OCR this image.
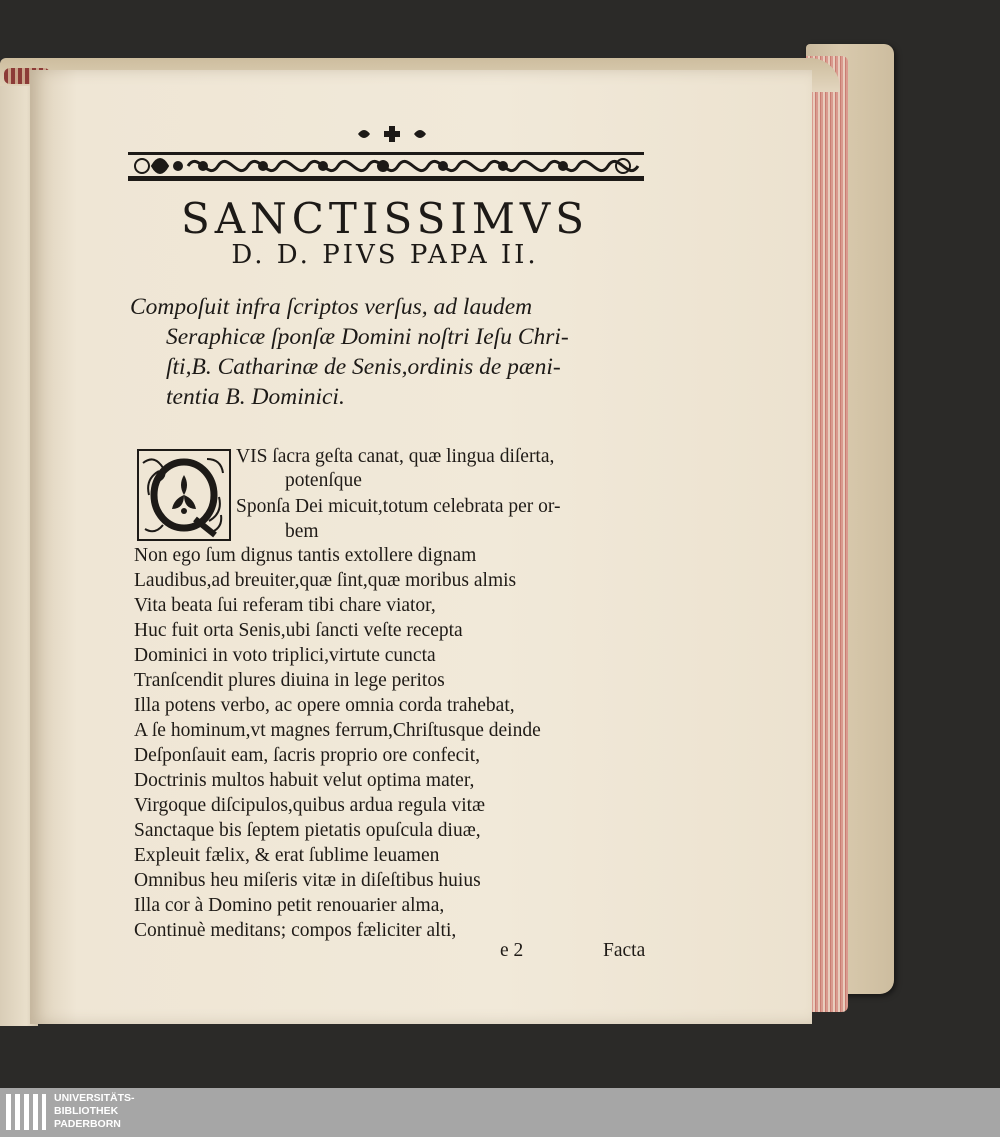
SANCTISSIMVS
D. D. PIVS PAPA II.
Compoſuit infra ſcriptos verſus, ad laudem
Seraphicæ ſponſæ Domini noſtri Ieſu Chri-
ſti,B. Catharinæ de Senis,ordinis de pæni-
tentia B. Dominici.
VIS ſacra geſta canat, quæ lingua diſerta,
potenſque
Sponſa Dei micuit,totum celebrata per or-
bem
Non ego ſum dignus tantis extollere dignam
Laudibus,ad breuiter,quæ ſint,quæ moribus almis
Vita beata ſui referam tibi chare viator,
Huc fuit orta Senis,ubi ſancti veſte recepta
Dominici in voto triplici,virtute cuncta
Tranſcendit plures diuina in lege peritos
Illa potens verbo, ac opere omnia corda trahebat,
A ſe hominum,vt magnes ferrum,Chriſtusque deinde
Deſponſauit eam, ſacris proprio ore confecit,
Doctrinis multos habuit velut optima mater,
Virgoque diſcipulos,quibus ardua regula vitæ
Sanctaque bis ſeptem pietatis opuſcula diuæ,
Expleuit fælix, & erat ſublime leuamen
Omnibus heu miſeris vitæ in diſeſtibus huius
Illa cor à Domino petit renouarier alma,
Continuè meditans; compos fæliciter alti,
e 2	Facta
UNIVERSITÄTS-
BIBLIOTHEK
PADERBORN
